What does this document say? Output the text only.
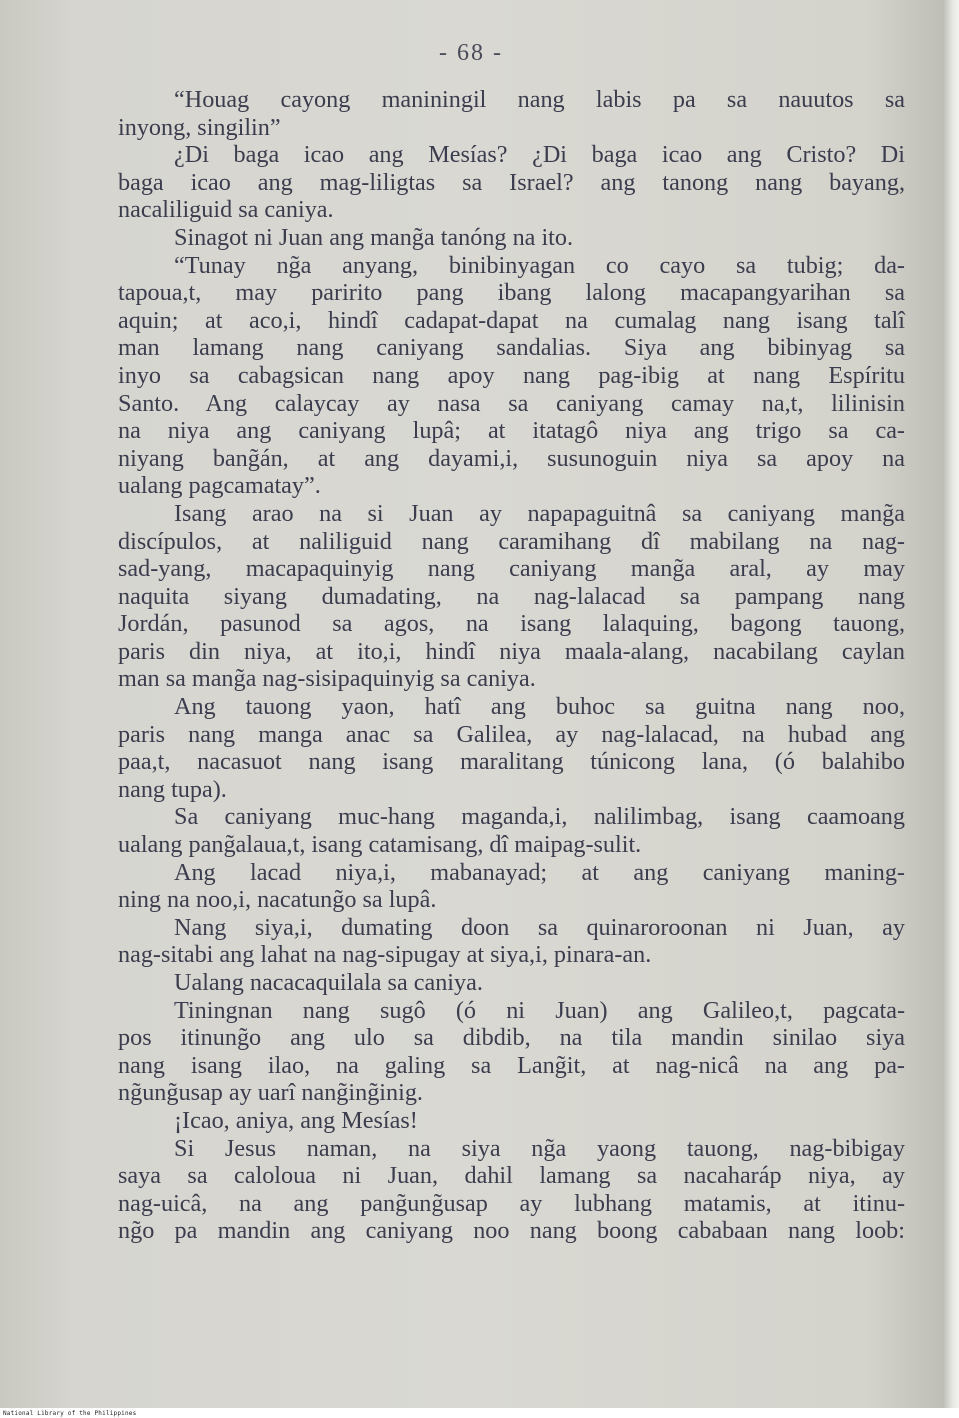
- 68 -
“Houag cayong maniningil nang labis pa sa nauutos sa
inyong, singilin”
¿Di baga icao ang Mesías? ¿Di baga icao ang Cristo? Di
baga icao ang mag-liligtas sa Israel? ang tanong nang bayang,
nacaliliguid sa caniya.
Sinagot ni Juan ang mang̃a tanóng na ito.
“Tunay ng̃a anyang, binibinyagan co cayo sa tubig; da-
tapoua,t, may paririto pang ibang lalong macapangyarihan sa
aquin; at aco,i, hindî cadapat-dapat na cumalag nang isang talî
man lamang nang caniyang sandalias. Siya ang bibinyag sa
inyo sa cabagsican nang apoy nang pag-ibig at nang Espíritu
Santo. Ang calaycay ay nasa sa caniyang camay na,t, lilinisin
na niya ang caniyang lupâ; at itatagô niya ang trigo sa ca-
niyang bang̃án, at ang dayami,i, susunoguin niya sa apoy na
ualang pagcamatay”.
Isang arao na si Juan ay napapaguitnâ sa caniyang mang̃a
discípulos, at naliliguid nang caramihang dî mabilang na nag-
sad-yang, macapaquinyig nang caniyang mang̃a aral, ay may
naquita siyang dumadating, na nag-lalacad sa pampang nang
Jordán, pasunod sa agos, na isang lalaquing, bagong tauong,
paris din niya, at ito,i, hindî niya maala-alang, nacabilang caylan
man sa mang̃a nag-sisipaquinyig sa caniya.
Ang tauong yaon, hatî ang buhoc sa guitna nang noo,
paris nang manga anac sa Galilea, ay nag-lalacad, na hubad ang
paa,t, nacasuot nang isang maralitang túnicong lana, (ó balahibo
nang tupa).
Sa caniyang muc-hang maganda,i, nalilimbag, isang caamoang
ualang pang̃alaua,t, isang catamisang, dî maipag-sulit.
Ang lacad niya,i, mabanayad; at ang caniyang maning-
ning na noo,i, nacatung̃o sa lupâ.
Nang siya,i, dumating doon sa quinaroroonan ni Juan, ay
nag-sitabi ang lahat na nag-sipugay at siya,i, pinara-an.
Ualang nacacaquilala sa caniya.
Tiningnan nang sugô (ó ni Juan) ang Galileo,t, pagcata-
pos itinung̃o ang ulo sa dibdib, na tila mandin sinilao siya
nang isang ilao, na galing sa Lang̃it, at nag-nicâ na ang pa-
ng̃ung̃usap ay uarî nang̃ing̃inig.
¡Icao, aniya, ang Mesías!
Si Jesus naman, na siya ng̃a yaong tauong, nag-bibigay
saya sa caloloua ni Juan, dahil lamang sa nacaharáp niya, ay
nag-uicâ, na ang pang̃ung̃usap ay lubhang matamis, at itinu-
ng̃o pa mandin ang caniyang noo nang boong cababaan nang loob:
National Library of the Philippines
